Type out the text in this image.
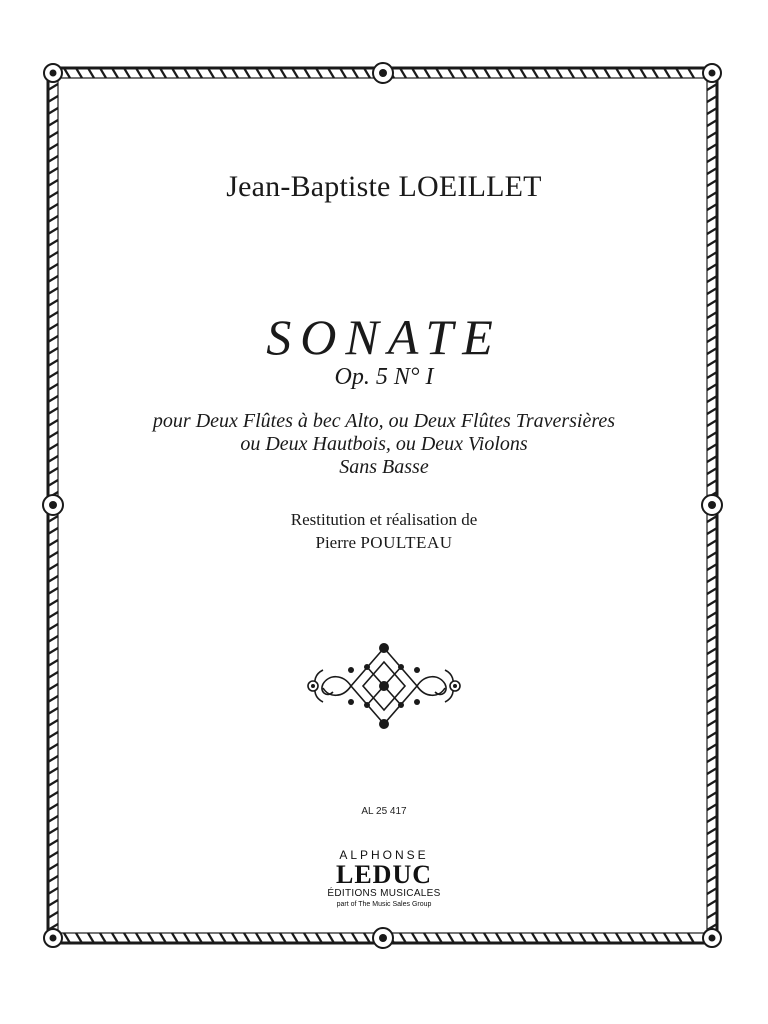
Jean-Baptiste LOEILLET
SONATE
Op. 5 N° I
pour Deux Flûtes à bec Alto, ou Deux Flûtes Traversières
ou Deux Hautbois, ou Deux Violons
Sans Basse
Restitution et réalisation de
Pierre POULTEAU
AL 25 417
ALPHONSE
LEDUC
ÉDITIONS MUSICALES
part of The Music Sales Group
